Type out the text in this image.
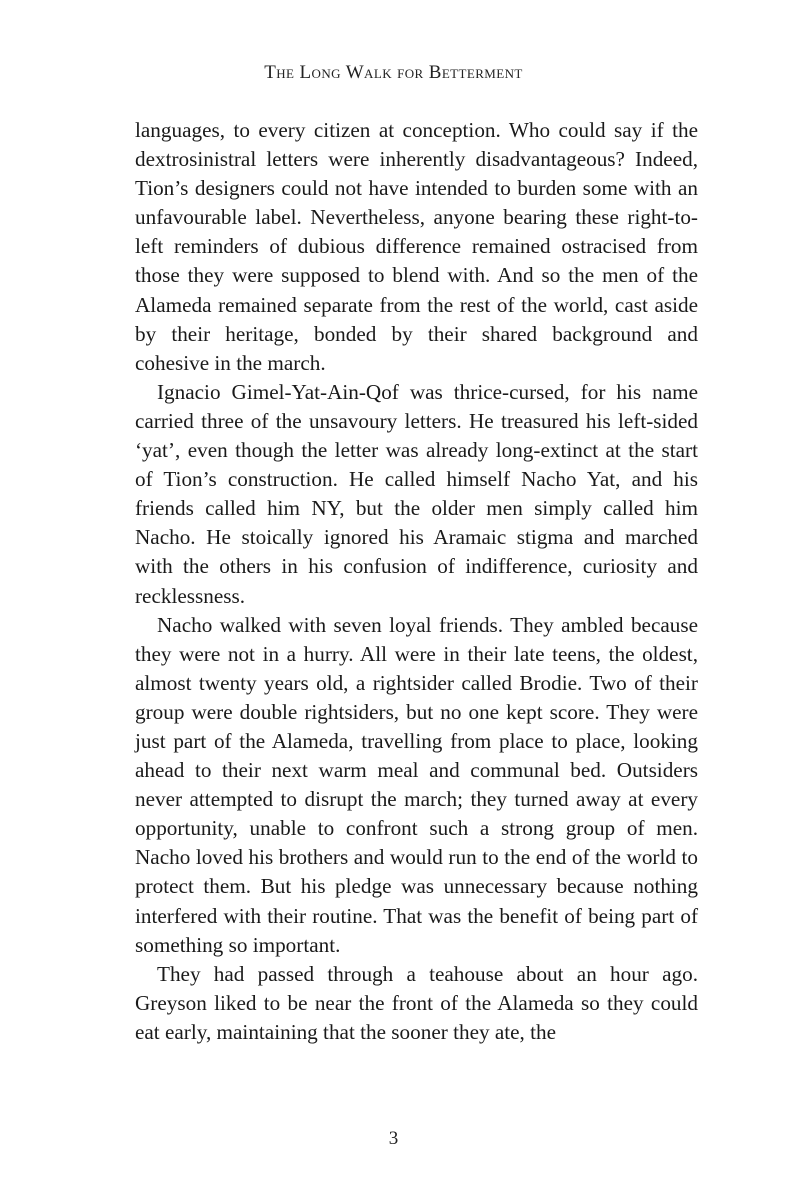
The Long Walk for Betterment

languages, to every citizen at conception. Who could say if the dextrosinistral letters were inherently disadvantageous? Indeed, Tion’s designers could not have intended to burden some with an unfavourable label. Nevertheless, anyone bearing these right-to-left reminders of dubious difference remained ostracised from those they were supposed to blend with. And so the men of the Alameda remained separate from the rest of the world, cast aside by their heritage, bonded by their shared background and cohesive in the march.

Ignacio Gimel-Yat-Ain-Qof was thrice-cursed, for his name carried three of the unsavoury letters. He treasured his left-sided ‘yat’, even though the letter was already long-extinct at the start of Tion’s construction. He called himself Nacho Yat, and his friends called him NY, but the older men simply called him Nacho. He stoically ignored his Aramaic stigma and marched with the others in his confusion of indifference, curiosity and recklessness.

Nacho walked with seven loyal friends. They ambled because they were not in a hurry. All were in their late teens, the oldest, almost twenty years old, a rightsider called Brodie. Two of their group were double rightsiders, but no one kept score. They were just part of the Alameda, travelling from place to place, looking ahead to their next warm meal and communal bed. Outsiders never attempted to disrupt the march; they turned away at every opportunity, unable to confront such a strong group of men. Nacho loved his brothers and would run to the end of the world to protect them. But his pledge was unnecessary because nothing interfered with their routine. That was the benefit of being part of something so important.

They had passed through a teahouse about an hour ago. Greyson liked to be near the front of the Alameda so they could eat early, maintaining that the sooner they ate, the

3
